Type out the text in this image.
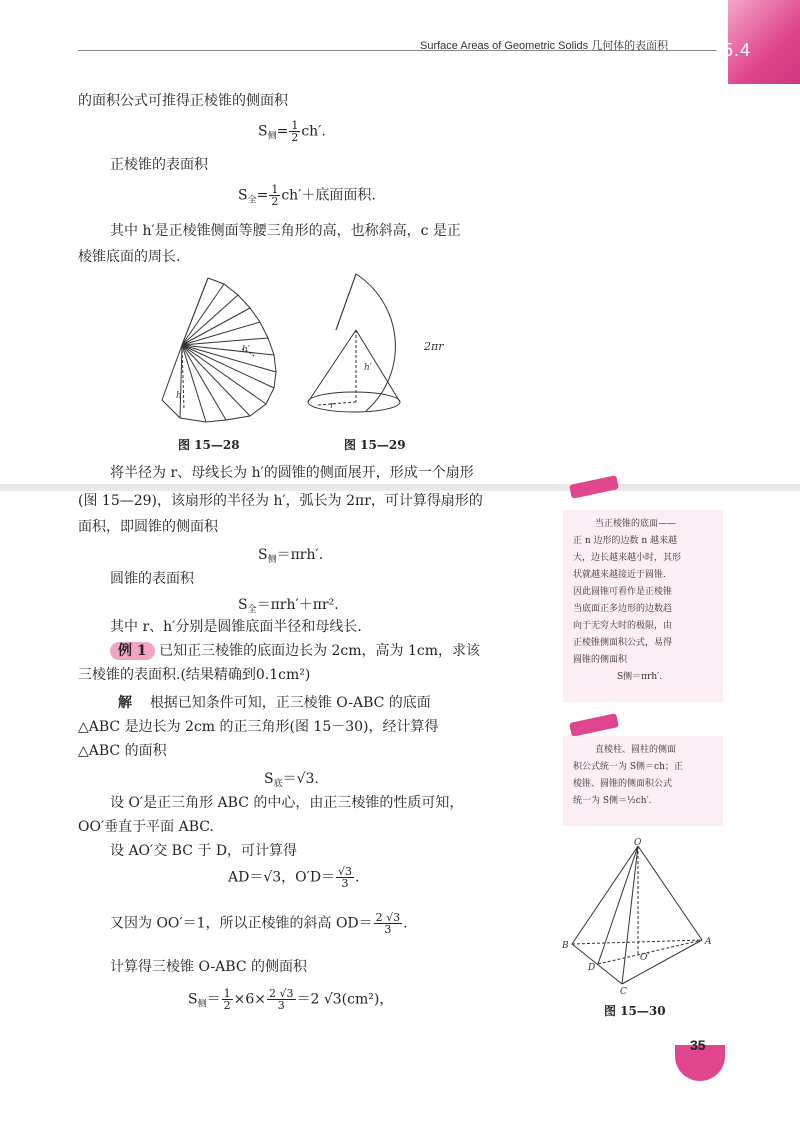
Surface Areas of Geometric Solids 几何体的表面积 15.4
的面积公式可推得正棱锥的侧面积
$S_侧= \frac{1}{2} ch'$.
正棱锥的表面积
$S_全= \frac{1}{2} ch'+$底面面积.
其中 h′是正棱锥侧面等腰三角形的高，也称斜高，c 是正
棱锥底面的周长.
h′
h
图 15—28
2πr
h′
r
图 15—29
将半径为 r、母线长为 h′的圆锥的侧面展开，形成一个扇形
(图 15—29)，该扇形的半径为 h′，弧长为 2πr，可计算得扇形的
面积，即圆锥的侧面积
$S_侧=\pi rh'$.
圆锥的表面积
$S_全=\pi rh'+\pi r^2$.
其中 r、h′分别是圆锥底面半径和母线长.
例 1 已知正三棱锥的底面边长为 2cm，高为 1cm，求该
三棱锥的表面积.(结果精确到0.1cm²)
解 根据已知条件可知，正三棱锥 O-ABC 的底面
△ABC 是边长为 2cm 的正三角形(图 15－30)，经计算得
△ABC 的面积
$S_底=√3$.
设 O′是正三角形 ABC 的中心，由正三棱锥的性质可知，
OO′垂直于平面 ABC.
设 AO′交 BC 于 D，可计算得
AD＝√3，$O'D= \frac{√3}{3}$ .
又因为 OO′＝1，所以正棱锥的斜高 $OD= \frac{2 √3}{3}$ .
计算得三棱锥 O-ABC 的侧面积
$S_侧= \frac{1}{2} \times 6\times \frac{2 √3}{3} =2$ √3(cm²)，
当正棱锥的底面——
正 n 边形的边数 n 越来越
大，边长越来越小时，其形
状就越来越接近于圆锥.
因此圆锥可看作是正棱锥
当底面正多边形的边数趋
向于无穷大时的极限，由
正棱锥侧面积公式，易得
圆锥的侧面积
S侧＝πrh′.
直棱柱、圆柱的侧面
积公式统一为 S侧＝ch；正
棱锥、圆锥的侧面积公式
统一为 S侧＝½ch′.
O
A
B
C
D
O′
图 15—30
35
